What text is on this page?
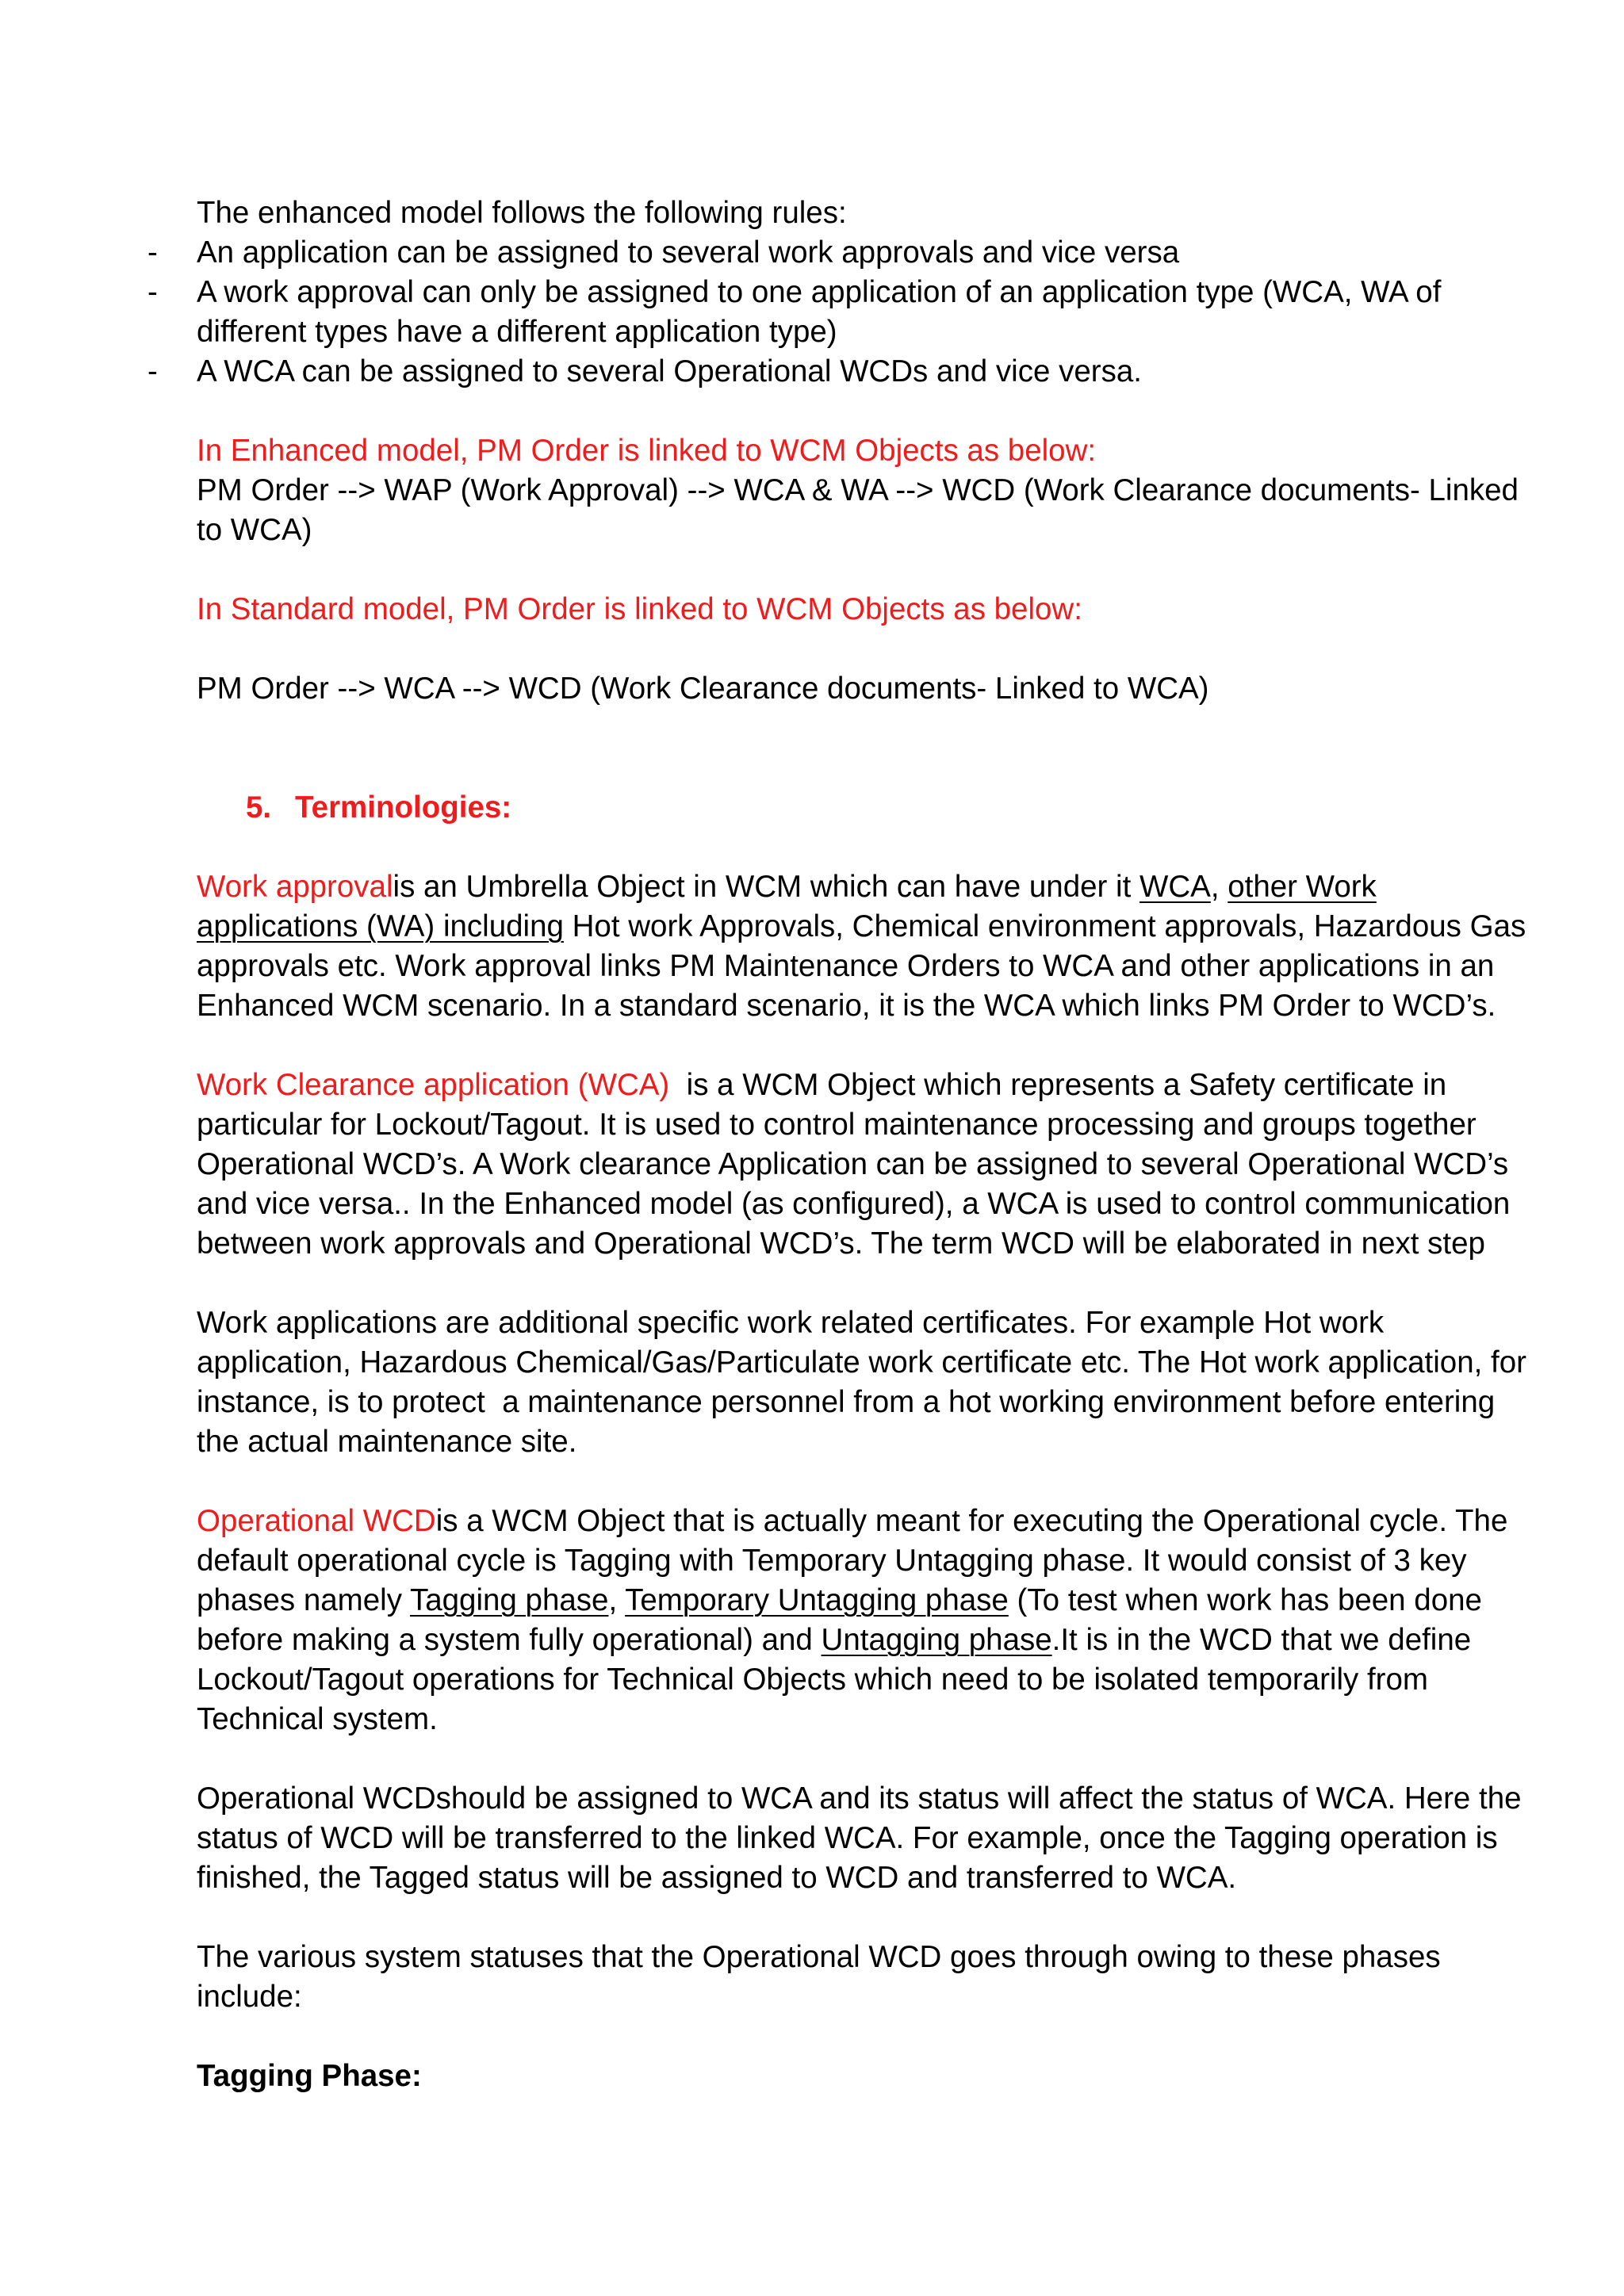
The enhanced model follows the following rules:

- An application can be assigned to several work approvals and vice versa

- A work approval can only be assigned to one application of an application type (WCA, WA of different types have a different application type)

- A WCA can be assigned to several Operational WCDs and vice versa.

In Enhanced model, PM Order is linked to WCM Objects as below:

PM Order --> WAP (Work Approval) --> WCA & WA --> WCD (Work Clearance documents- Linked to WCA)

In Standard model, PM Order is linked to WCM Objects as below:

PM Order --> WCA --> WCD (Work Clearance documents- Linked to WCA)

5. Terminologies:

Work approvalis an Umbrella Object in WCM which can have under it WCA, other Work applications (WA) including Hot work Approvals, Chemical environment approvals, Hazardous Gas approvals etc. Work approval links PM Maintenance Orders to WCA and other applications in an Enhanced WCM scenario. In a standard scenario, it is the WCA which links PM Order to WCD’s.

Work Clearance application (WCA)  is a WCM Object which represents a Safety certificate in particular for Lockout/Tagout. It is used to control maintenance processing and groups together Operational WCD’s. A Work clearance Application can be assigned to several Operational WCD’s and vice versa.. In the Enhanced model (as configured), a WCA is used to control communication between work approvals and Operational WCD’s. The term WCD will be elaborated in next step

Work applications are additional specific work related certificates. For example Hot work application, Hazardous Chemical/Gas/Particulate work certificate etc. The Hot work application, for instance, is to protect  a maintenance personnel from a hot working environment before entering the actual maintenance site.

Operational WCDis a WCM Object that is actually meant for executing the Operational cycle. The default operational cycle is Tagging with Temporary Untagging phase. It would consist of 3 key phases namely Tagging phase, Temporary Untagging phase (To test when work has been done before making a system fully operational) and Untagging phase.It is in the WCD that we define Lockout/Tagout operations for Technical Objects which need to be isolated temporarily from Technical system.

Operational WCDshould be assigned to WCA and its status will affect the status of WCA. Here the status of WCD will be transferred to the linked WCA. For example, once the Tagging operation is finished, the Tagged status will be assigned to WCD and transferred to WCA.

The various system statuses that the Operational WCD goes through owing to these phases include:

Tagging Phase:
